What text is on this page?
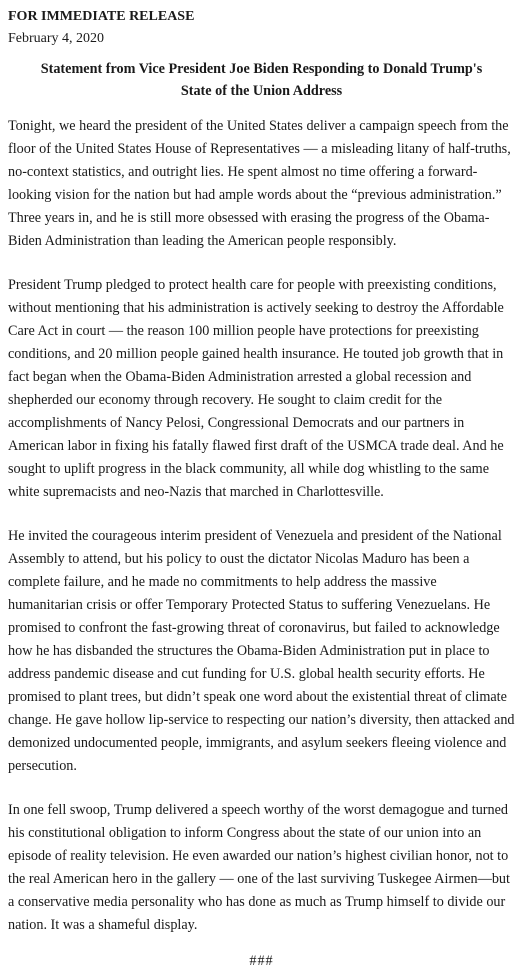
FOR IMMEDIATE RELEASE

February 4, 2020

Statement from Vice President Joe Biden Responding to Donald Trump's
State of the Union Address

Tonight, we heard the president of the United States deliver a campaign speech from the floor of the United States House of Representatives — a misleading litany of half-truths, no-context statistics, and outright lies. He spent almost no time offering a forward-looking vision for the nation but had ample words about the “previous administration.” Three years in, and he is still more obsessed with erasing the progress of the Obama-Biden Administration than leading the American people responsibly.

President Trump pledged to protect health care for people with preexisting conditions, without mentioning that his administration is actively seeking to destroy the Affordable Care Act in court — the reason 100 million people have protections for preexisting conditions, and 20 million people gained health insurance. He touted job growth that in fact began when the Obama-Biden Administration arrested a global recession and shepherded our economy through recovery. He sought to claim credit for the accomplishments of Nancy Pelosi, Congressional Democrats and our partners in American labor in fixing his fatally flawed first draft of the USMCA trade deal. And he sought to uplift progress in the black community, all while dog whistling to the same white supremacists and neo-Nazis that marched in Charlottesville.

He invited the courageous interim president of Venezuela and president of the National Assembly to attend, but his policy to oust the dictator Nicolas Maduro has been a complete failure, and he made no commitments to help address the massive humanitarian crisis or offer Temporary Protected Status to suffering Venezuelans. He promised to confront the fast-growing threat of coronavirus, but failed to acknowledge how he has disbanded the structures the Obama-Biden Administration put in place to address pandemic disease and cut funding for U.S. global health security efforts. He promised to plant trees, but didn’t speak one word about the existential threat of climate change. He gave hollow lip-service to respecting our nation’s diversity, then attacked and demonized undocumented people, immigrants, and asylum seekers fleeing violence and persecution.

In one fell swoop, Trump delivered a speech worthy of the worst demagogue and turned his constitutional obligation to inform Congress about the state of our union into an episode of reality television. He even awarded our nation’s highest civilian honor, not to the real American hero in the gallery — one of the last surviving Tuskegee Airmen—but a conservative media personality who has done as much as Trump himself to divide our nation. It was a shameful display.

###
